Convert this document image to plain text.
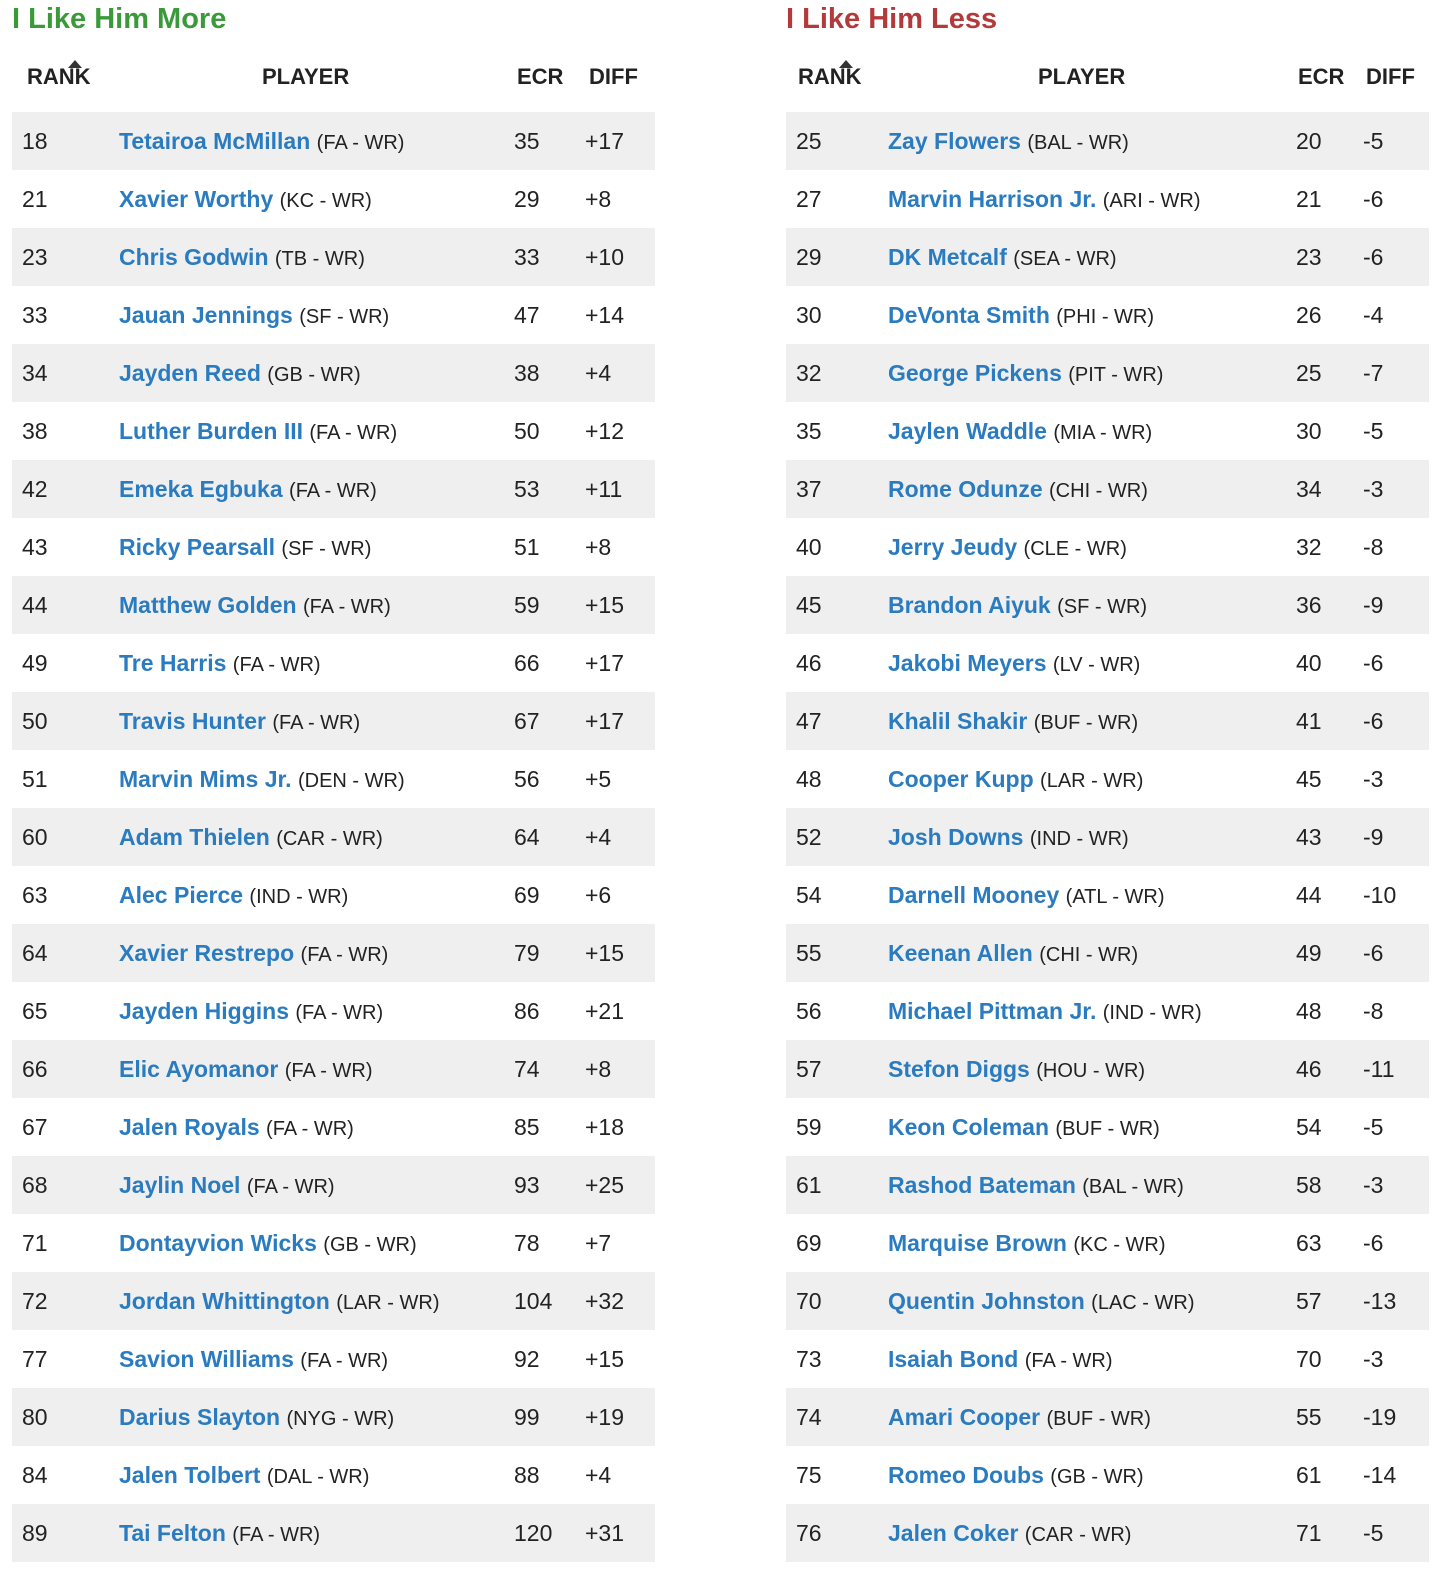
I Like Him More
RANK	PLAYER	ECR DIFF
18	Tetairoa McMillan (FA - WR)	35 +17
21	Xavier Worthy (KC - WR)	29 +8
23	Chris Godwin (TB - WR)	33 +10
33	Jauan Jennings (SF - WR)	47 +14
34	Jayden Reed (GB - WR)	38 +4
38	Luther Burden III (FA - WR)	50 +12
42	Emeka Egbuka (FA - WR)	53 +11
43	Ricky Pearsall (SF - WR)	51 +8
44	Matthew Golden (FA - WR)	59 +15
49	Tre Harris (FA - WR)	66 +17
50	Travis Hunter (FA - WR)	67 +17
51	Marvin Mims Jr. (DEN - WR)	56 +5
60	Adam Thielen (CAR - WR)	64 +4
63	Alec Pierce (IND - WR)	69 +6
64	Xavier Restrepo (FA - WR)	79 +15
65	Jayden Higgins (FA - WR)	86 +21
66	Elic Ayomanor (FA - WR)	74 +8
67	Jalen Royals (FA - WR)	85 +18
68	Jaylin Noel (FA - WR)	93 +25
71	Dontayvion Wicks (GB - WR)	78 +7
72	Jordan Whittington (LAR - WR)	104 +32
77	Savion Williams (FA - WR)	92 +15
80	Darius Slayton (NYG - WR)	99 +19
84	Jalen Tolbert (DAL - WR)	88 +4
89	Tai Felton (FA - WR)	120 +31
I Like Him Less
RANK	PLAYER	ECR DIFF
25	Zay Flowers (BAL - WR)	20 -5
27	Marvin Harrison Jr. (ARI - WR)	21 -6
29	DK Metcalf (SEA - WR)	23 -6
30	DeVonta Smith (PHI - WR)	26 -4
32	George Pickens (PIT - WR)	25 -7
35	Jaylen Waddle (MIA - WR)	30 -5
37	Rome Odunze (CHI - WR)	34 -3
40	Jerry Jeudy (CLE - WR)	32 -8
45	Brandon Aiyuk (SF - WR)	36 -9
46	Jakobi Meyers (LV - WR)	40 -6
47	Khalil Shakir (BUF - WR)	41 -6
48	Cooper Kupp (LAR - WR)	45 -3
52	Josh Downs (IND - WR)	43 -9
54	Darnell Mooney (ATL - WR)	44 -10
55	Keenan Allen (CHI - WR)	49 -6
56	Michael Pittman Jr. (IND - WR)	48 -8
57	Stefon Diggs (HOU - WR)	46 -11
59	Keon Coleman (BUF - WR)	54 -5
61	Rashod Bateman (BAL - WR)	58 -3
69	Marquise Brown (KC - WR)	63 -6
70	Quentin Johnston (LAC - WR)	57 -13
73	Isaiah Bond (FA - WR)	70 -3
74	Amari Cooper (BUF - WR)	55 -19
75	Romeo Doubs (GB - WR)	61 -14
76	Jalen Coker (CAR - WR)	71 -5
